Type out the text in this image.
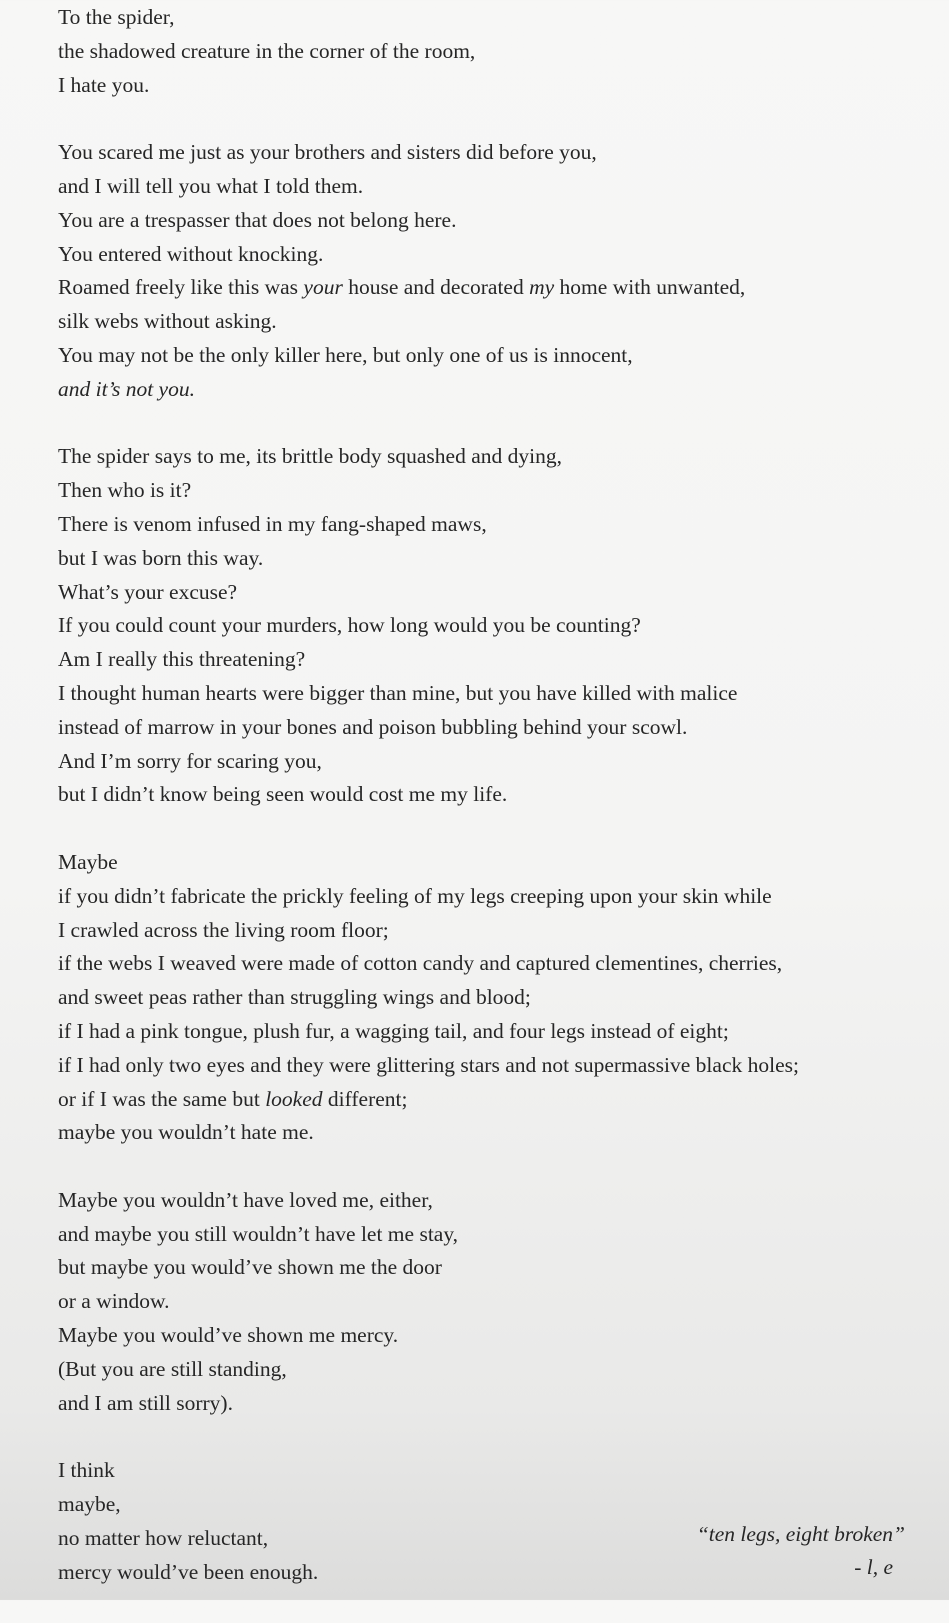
To the spider,
the shadowed creature in the corner of the room,
I hate you.
You scared me just as your brothers and sisters did before you,
and I will tell you what I told them.
You are a trespasser that does not belong here.
You entered without knocking.
Roamed freely like this was your house and decorated my home with unwanted,
silk webs without asking.
You may not be the only killer here, but only one of us is innocent,
and it’s not you.
The spider says to me, its brittle body squashed and dying,
Then who is it?
There is venom infused in my fang-shaped maws,
but I was born this way.
What’s your excuse?
If you could count your murders, how long would you be counting?
Am I really this threatening?
I thought human hearts were bigger than mine, but you have killed with malice
instead of marrow in your bones and poison bubbling behind your scowl.
And I’m sorry for scaring you,
but I didn’t know being seen would cost me my life.
Maybe
if you didn’t fabricate the prickly feeling of my legs creeping upon your skin while
I crawled across the living room floor;
if the webs I weaved were made of cotton candy and captured clementines, cherries,
and sweet peas rather than struggling wings and blood;
if I had a pink tongue, plush fur, a wagging tail, and four legs instead of eight;
if I had only two eyes and they were glittering stars and not supermassive black holes;
or if I was the same but looked different;
maybe you wouldn’t hate me.
Maybe you wouldn’t have loved me, either,
and maybe you still wouldn’t have let me stay,
but maybe you would’ve shown me the door
or a window.
Maybe you would’ve shown me mercy.
(But you are still standing,
and I am still sorry).
I think
maybe,
no matter how reluctant,
mercy would’ve been enough.
“ten legs, eight broken”
- l, e
